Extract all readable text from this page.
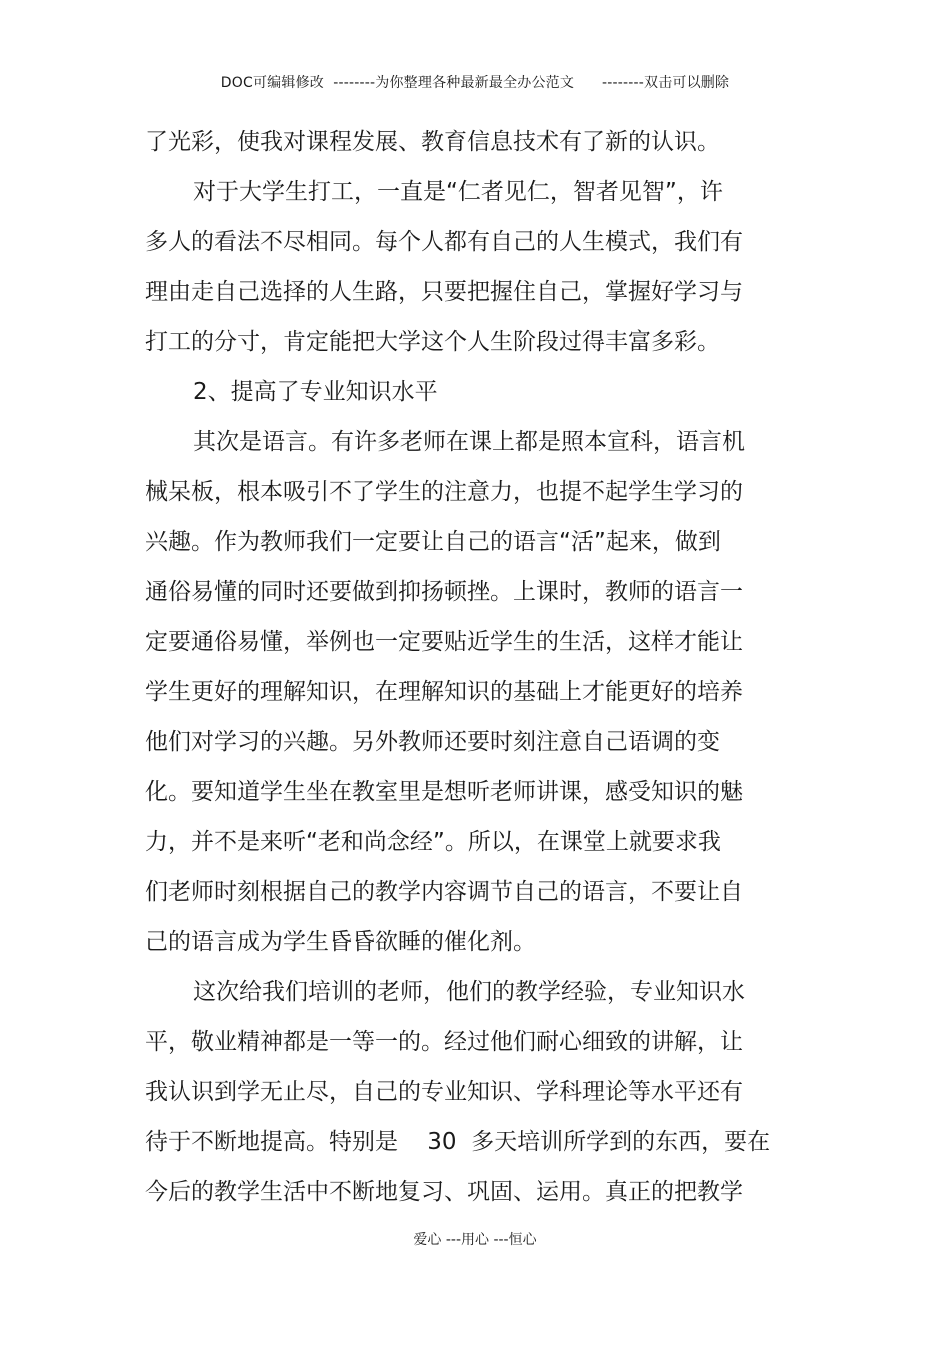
DOC可编辑修改  --------为你整理各种最新最全办公范文      --------双击可以删除
了光彩，使我对课程发展、教育信息技术有了新的认识。
对于大学生打工，一直是“仁者见仁，智者见智”，许
多人的看法不尽相同。每个人都有自己的人生模式，我们有
理由走自己选择的人生路，只要把握住自己，掌握好学习与
打工的分寸，肯定能把大学这个人生阶段过得丰富多彩。
2、提高了专业知识水平
其次是语言。有许多老师在课上都是照本宣科，语言机
械呆板，根本吸引不了学生的注意力，也提不起学生学习的
兴趣。作为教师我们一定要让自己的语言“活”起来，做到
通俗易懂的同时还要做到抑扬顿挫。上课时，教师的语言一
定要通俗易懂，举例也一定要贴近学生的生活，这样才能让
学生更好的理解知识，在理解知识的基础上才能更好的培养
他们对学习的兴趣。另外教师还要时刻注意自己语调的变
化。要知道学生坐在教室里是想听老师讲课，感受知识的魅
力，并不是来听“老和尚念经”。所以，在课堂上就要求我
们老师时刻根据自己的教学内容调节自己的语言，不要让自
己的语言成为学生昏昏欲睡的催化剂。
这次给我们培训的老师，他们的教学经验，专业知识水
平，敬业精神都是一等一的。经过他们耐心细致的讲解，让
我认识到学无止尽，自己的专业知识、学科理论等水平还有
待于不断地提高。特别是    30  多天培训所学到的东西，要在
今后的教学生活中不断地复习、巩固、运用。真正的把教学
爱心 ---用心 ---恒心
